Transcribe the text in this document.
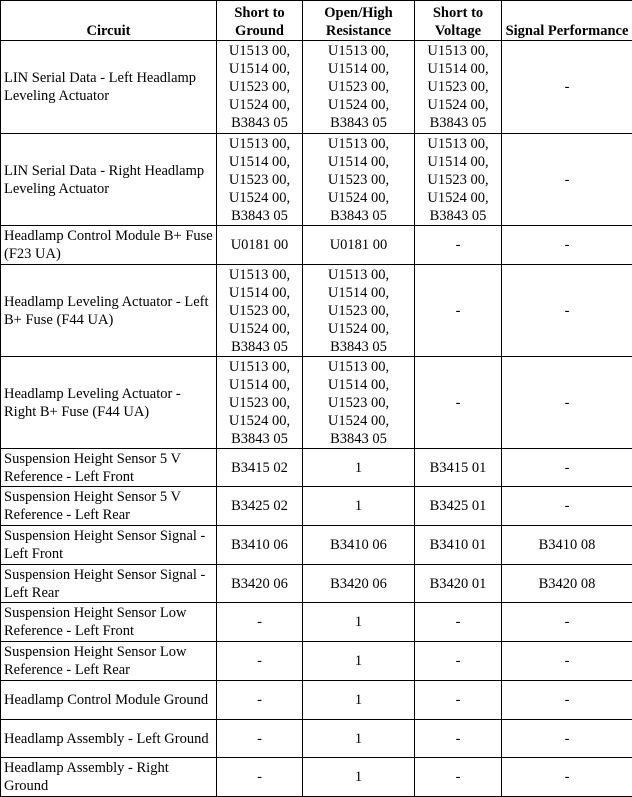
Circuit	Short to Ground	Open/High Resistance	Short to Voltage	Signal Performance
LIN Serial Data - Left Headlamp Leveling Actuator	U1513 00,
U1514 00,
U1523 00,
U1524 00,
B3843 05	U1513 00,
U1514 00,
U1523 00,
U1524 00,
B3843 05	U1513 00,
U1514 00,
U1523 00,
U1524 00,
B3843 05	-
LIN Serial Data - Right Headlamp Leveling Actuator	U1513 00,
U1514 00,
U1523 00,
U1524 00,
B3843 05	U1513 00,
U1514 00,
U1523 00,
U1524 00,
B3843 05	U1513 00,
U1514 00,
U1523 00,
U1524 00,
B3843 05	-
Headlamp Control Module B+ Fuse (F23 UA)	U0181 00	U0181 00	-	-
Headlamp Leveling Actuator - Left B+ Fuse (F44 UA)	U1513 00,
U1514 00,
U1523 00,
U1524 00,
B3843 05	U1513 00,
U1514 00,
U1523 00,
U1524 00,
B3843 05	-	-
Headlamp Leveling Actuator - Right B+ Fuse (F44 UA)	U1513 00,
U1514 00,
U1523 00,
U1524 00,
B3843 05	U1513 00,
U1514 00,
U1523 00,
U1524 00,
B3843 05	-	-
Suspension Height Sensor 5 V Reference - Left Front	B3415 02	1	B3415 01	-
Suspension Height Sensor 5 V Reference - Left Rear	B3425 02	1	B3425 01	-
Suspension Height Sensor Signal - Left Front	B3410 06	B3410 06	B3410 01	B3410 08
Suspension Height Sensor Signal - Left Rear	B3420 06	B3420 06	B3420 01	B3420 08
Suspension Height Sensor Low Reference - Left Front	-	1	-	-
Suspension Height Sensor Low Reference - Left Rear	-	1	-	-
Headlamp Control Module Ground	-	1	-	-
Headlamp Assembly - Left Ground	-	1	-	-
Headlamp Assembly - Right Ground	-	1	-	-
